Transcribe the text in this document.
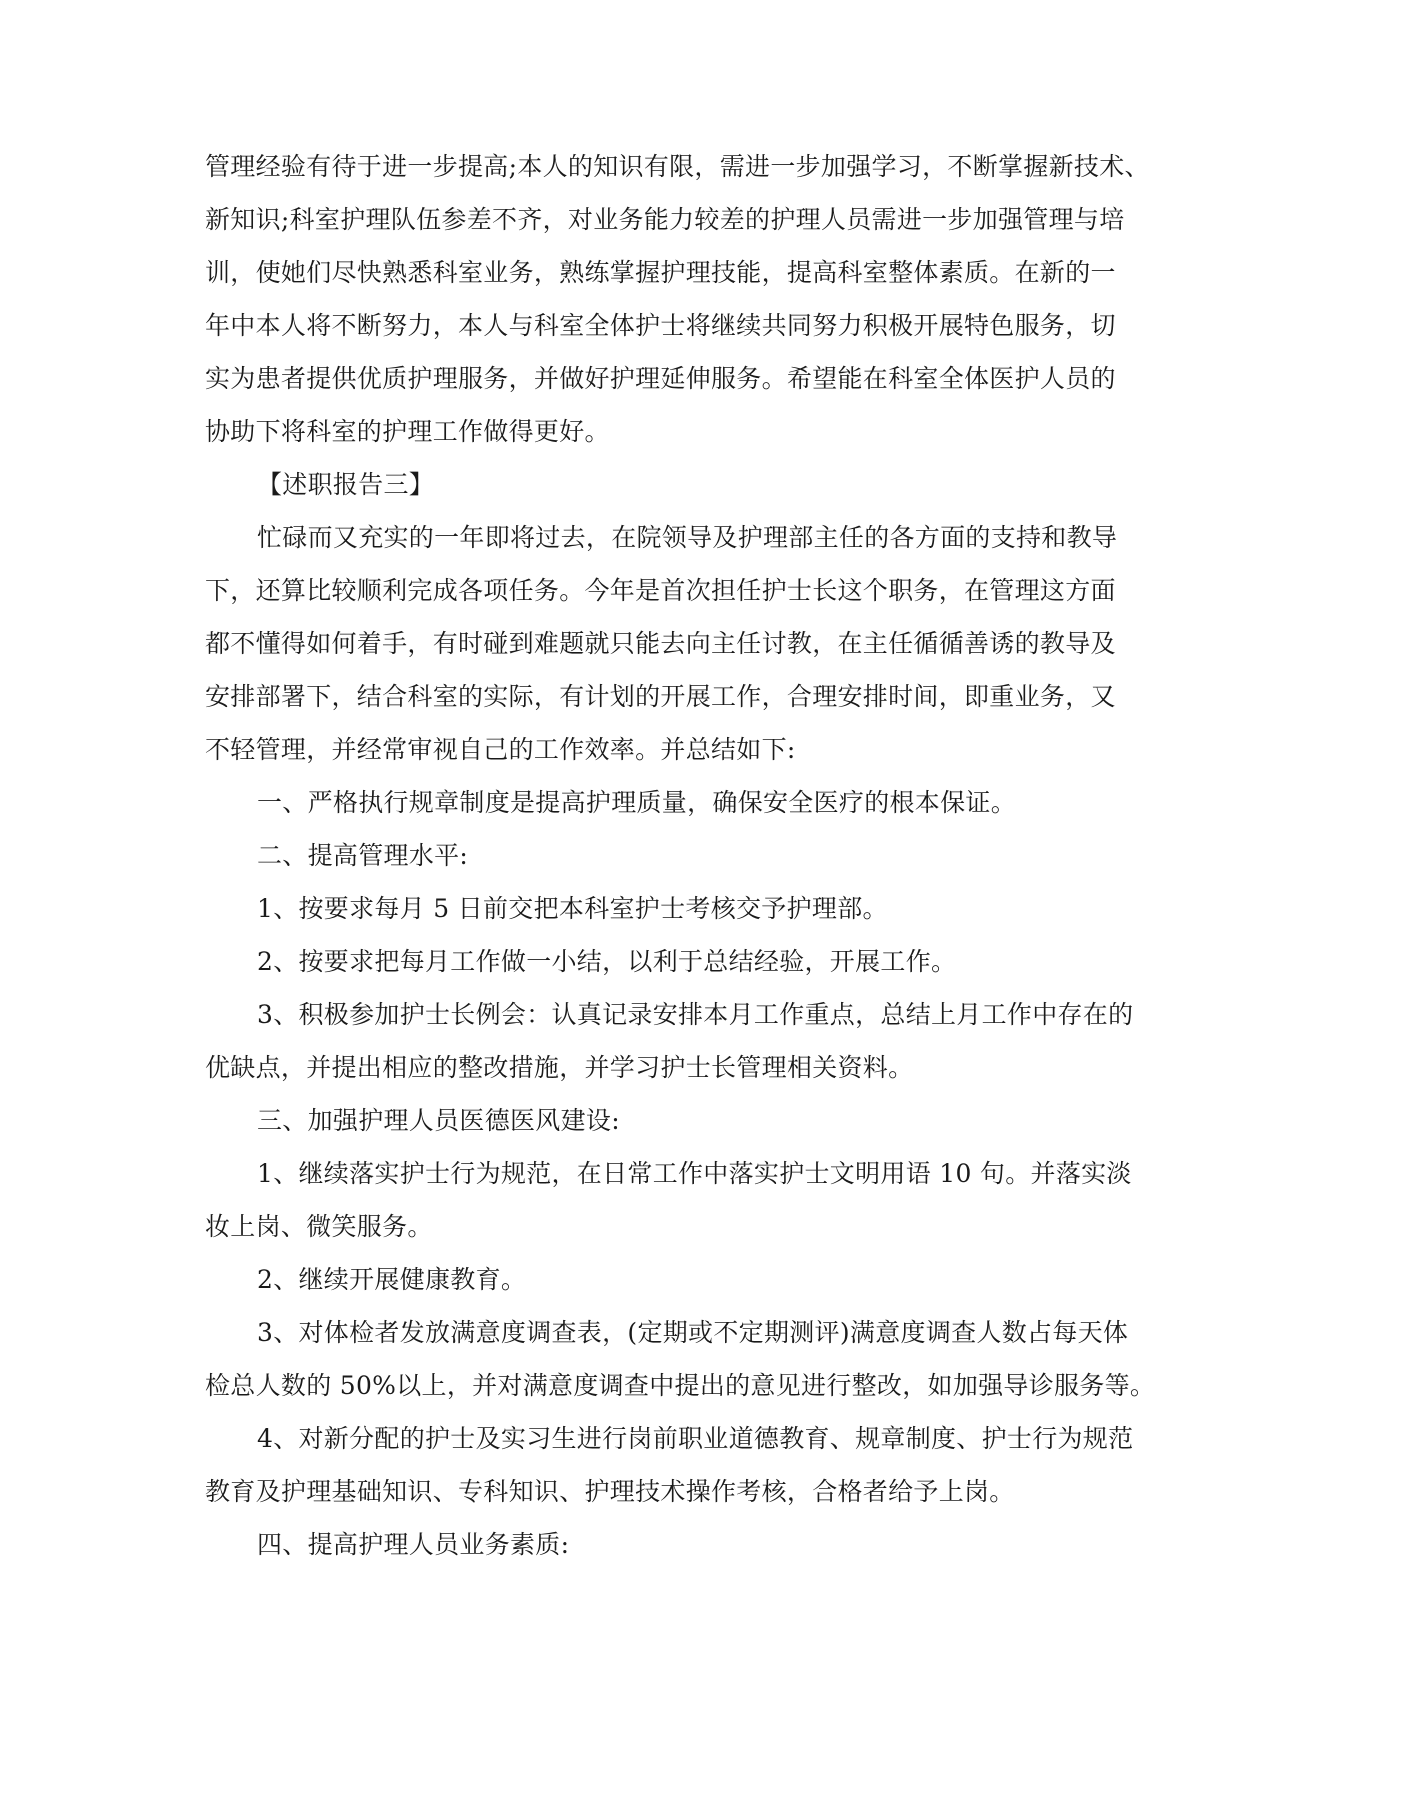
管理经验有待于进一步提高;本人的知识有限，需进一步加强学习，不断掌握新技术、

新知识;科室护理队伍参差不齐，对业务能力较差的护理人员需进一步加强管理与培

训，使她们尽快熟悉科室业务，熟练掌握护理技能，提高科室整体素质。在新的一

年中本人将不断努力，本人与科室全体护士将继续共同努力积极开展特色服务，切

实为患者提供优质护理服务，并做好护理延伸服务。希望能在科室全体医护人员的

协助下将科室的护理工作做得更好。

【述职报告三】

忙碌而又充实的一年即将过去，在院领导及护理部主任的各方面的支持和教导

下，还算比较顺利完成各项任务。今年是首次担任护士长这个职务，在管理这方面

都不懂得如何着手，有时碰到难题就只能去向主任讨教，在主任循循善诱的教导及

安排部署下，结合科室的实际，有计划的开展工作，合理安排时间，即重业务，又

不轻管理，并经常审视自己的工作效率。并总结如下:

一、严格执行规章制度是提高护理质量，确保安全医疗的根本保证。

二、提高管理水平:

1、按要求每月 5 日前交把本科室护士考核交予护理部。

2、按要求把每月工作做一小结，以利于总结经验，开展工作。

3、积极参加护士长例会：认真记录安排本月工作重点，总结上月工作中存在的

优缺点，并提出相应的整改措施，并学习护士长管理相关资料。

三、加强护理人员医德医风建设:

1、继续落实护士行为规范，在日常工作中落实护士文明用语 10 句。并落实淡

妆上岗、微笑服务。

2、继续开展健康教育。

3、对体检者发放满意度调查表，(定期或不定期测评)满意度调查人数占每天体

检总人数的 50%以上，并对满意度调查中提出的意见进行整改，如加强导诊服务等。

4、对新分配的护士及实习生进行岗前职业道德教育、规章制度、护士行为规范

教育及护理基础知识、专科知识、护理技术操作考核，合格者给予上岗。

四、提高护理人员业务素质:
